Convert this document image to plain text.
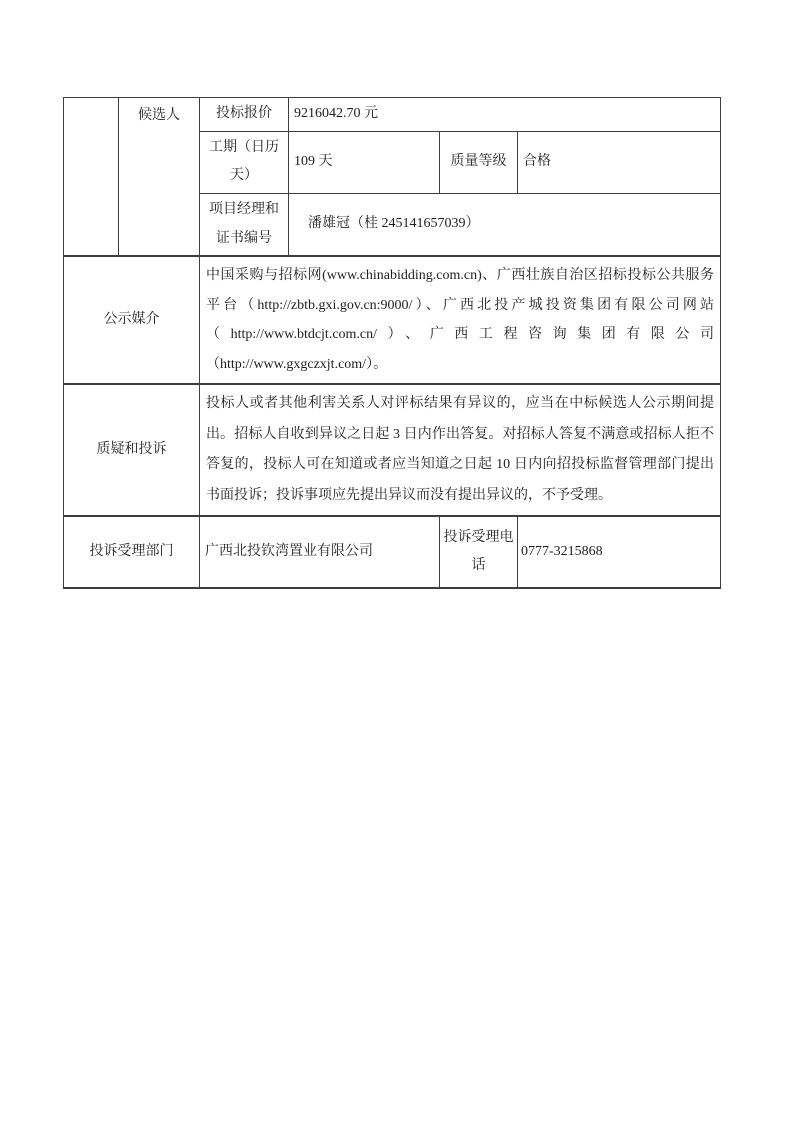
	候选人	投标报价	9216042.70 元		
		工期（日历天）	109 天	质量等级	合格
		项目经理和证书编号	潘雄冠（桂 245141657039）		
公示媒介		中国采购与招标网(www.chinabidding.com.cn)、广西壮族自治区招标投标公共服务
平台（http://zbtb.gxi.gov.cn:9000/）、广西北投产城投资集团有限公司网站
（http://www.btdcjt.com.cn/）、广西工程咨询集团有限公司
（http://www.gxgczxjt.com/）。			

质疑和投诉		投标人或者其他利害关系人对评标结果有异议的，应当在中标候选人公示期间提
出。招标人自收到异议之日起 3 日内作出答复。对招标人答复不满意或招标人拒不
答复的，投标人可在知道或者应当知道之日起 10 日内向招投标监督管理部门提出
书面投诉；投诉事项应先提出异议而没有提出异议的，不予受理。			

投诉受理部门		广西北投钦湾置业有限公司		投诉受理电话	0777-3215868
